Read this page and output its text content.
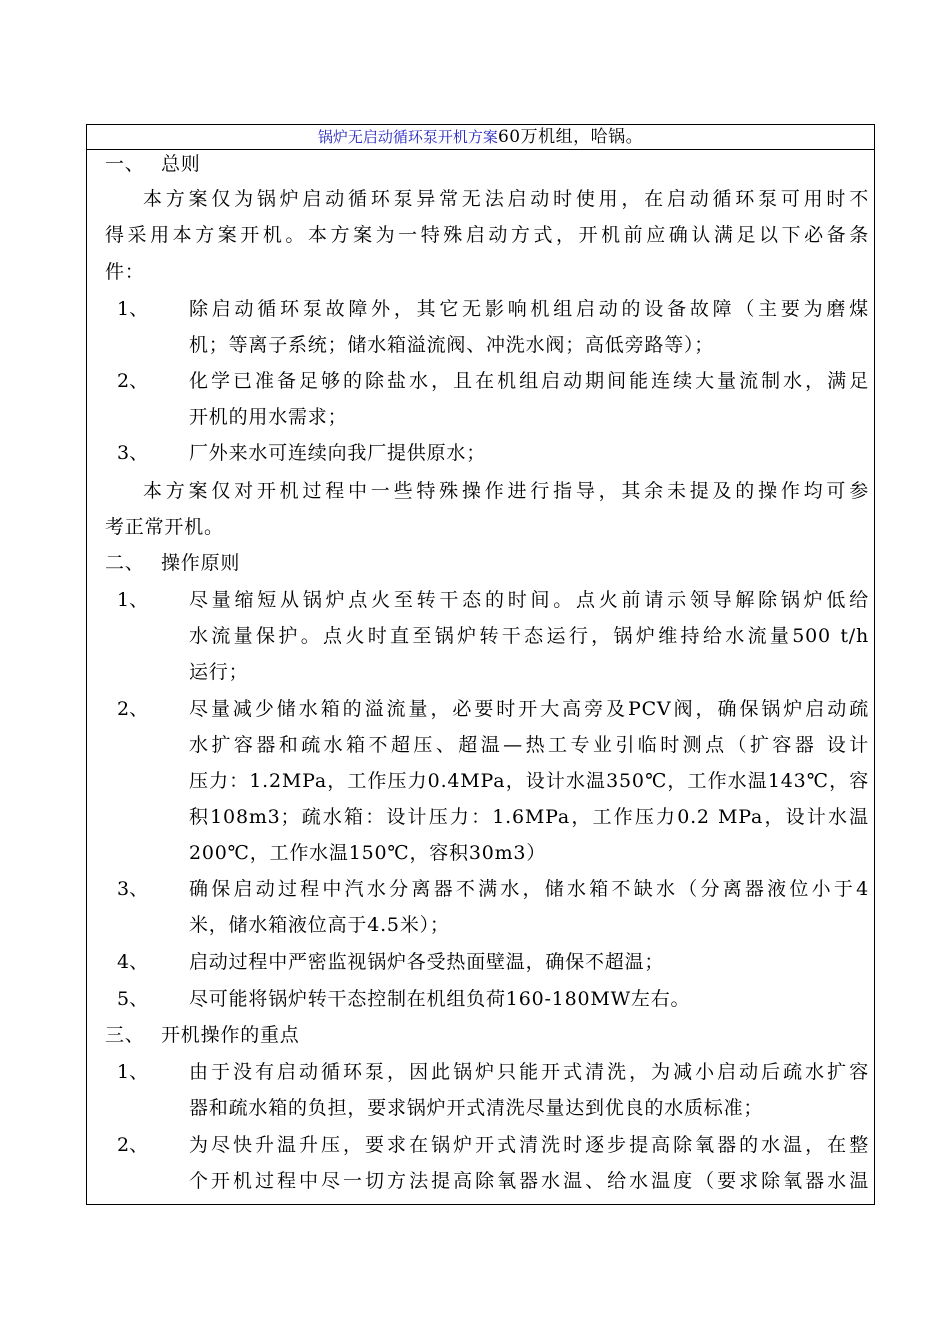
锅炉无启动循环泵开机方案 60万机组，哈锅。
一、 总则
本方案仅为锅炉启动循环泵异常无法启动时使用，在启动循环泵可用时不
得采用本方案开机。本方案为一特殊启动方式，开机前应确认满足以下必备条
件：
1、 除启动循环泵故障外，其它无影响机组启动的设备故障（主要为磨煤
机；等离子系统；储水箱溢流阀、冲洗水阀；高低旁路等）；
2、 化学已准备足够的除盐水，且在机组启动期间能连续大量流制水，满足
开机的用水需求；
3、 厂外来水可连续向我厂提供原水；
本方案仅对开机过程中一些特殊操作进行指导，其余未提及的操作均可参
考正常开机。
二、 操作原则
1、 尽量缩短从锅炉点火至转干态的时间。点火前请示领导解除锅炉低给
水流量保护。点火时直至锅炉转干态运行，锅炉维持给水流量500 t/h
运行；
2、 尽量减少储水箱的溢流量，必要时开大高旁及PCV阀，确保锅炉启动疏
水扩容器和疏水箱不超压、超温—热工专业引临时测点（扩容器 设计
压力：1.2MPa，工作压力0.4MPa，设计水温350℃，工作水温143℃，容
积108m3；疏水箱：设计压力：1.6MPa，工作压力0.2 MPa，设计水温
200℃，工作水温150℃，容积30m3）
3、 确保启动过程中汽水分离器不满水，储水箱不缺水（分离器液位小于4
米，储水箱液位高于4.5米）；
4、 启动过程中严密监视锅炉各受热面壁温，确保不超温；
5、 尽可能将锅炉转干态控制在机组负荷160-180MW左右。
三、 开机操作的重点
1、 由于没有启动循环泵，因此锅炉只能开式清洗，为减小启动后疏水扩容
器和疏水箱的负担，要求锅炉开式清洗尽量达到优良的水质标准；
2、 为尽快升温升压，要求在锅炉开式清洗时逐步提高除氧器的水温，在整
个开机过程中尽一切方法提高除氧器水温、给水温度（要求除氧器水温
